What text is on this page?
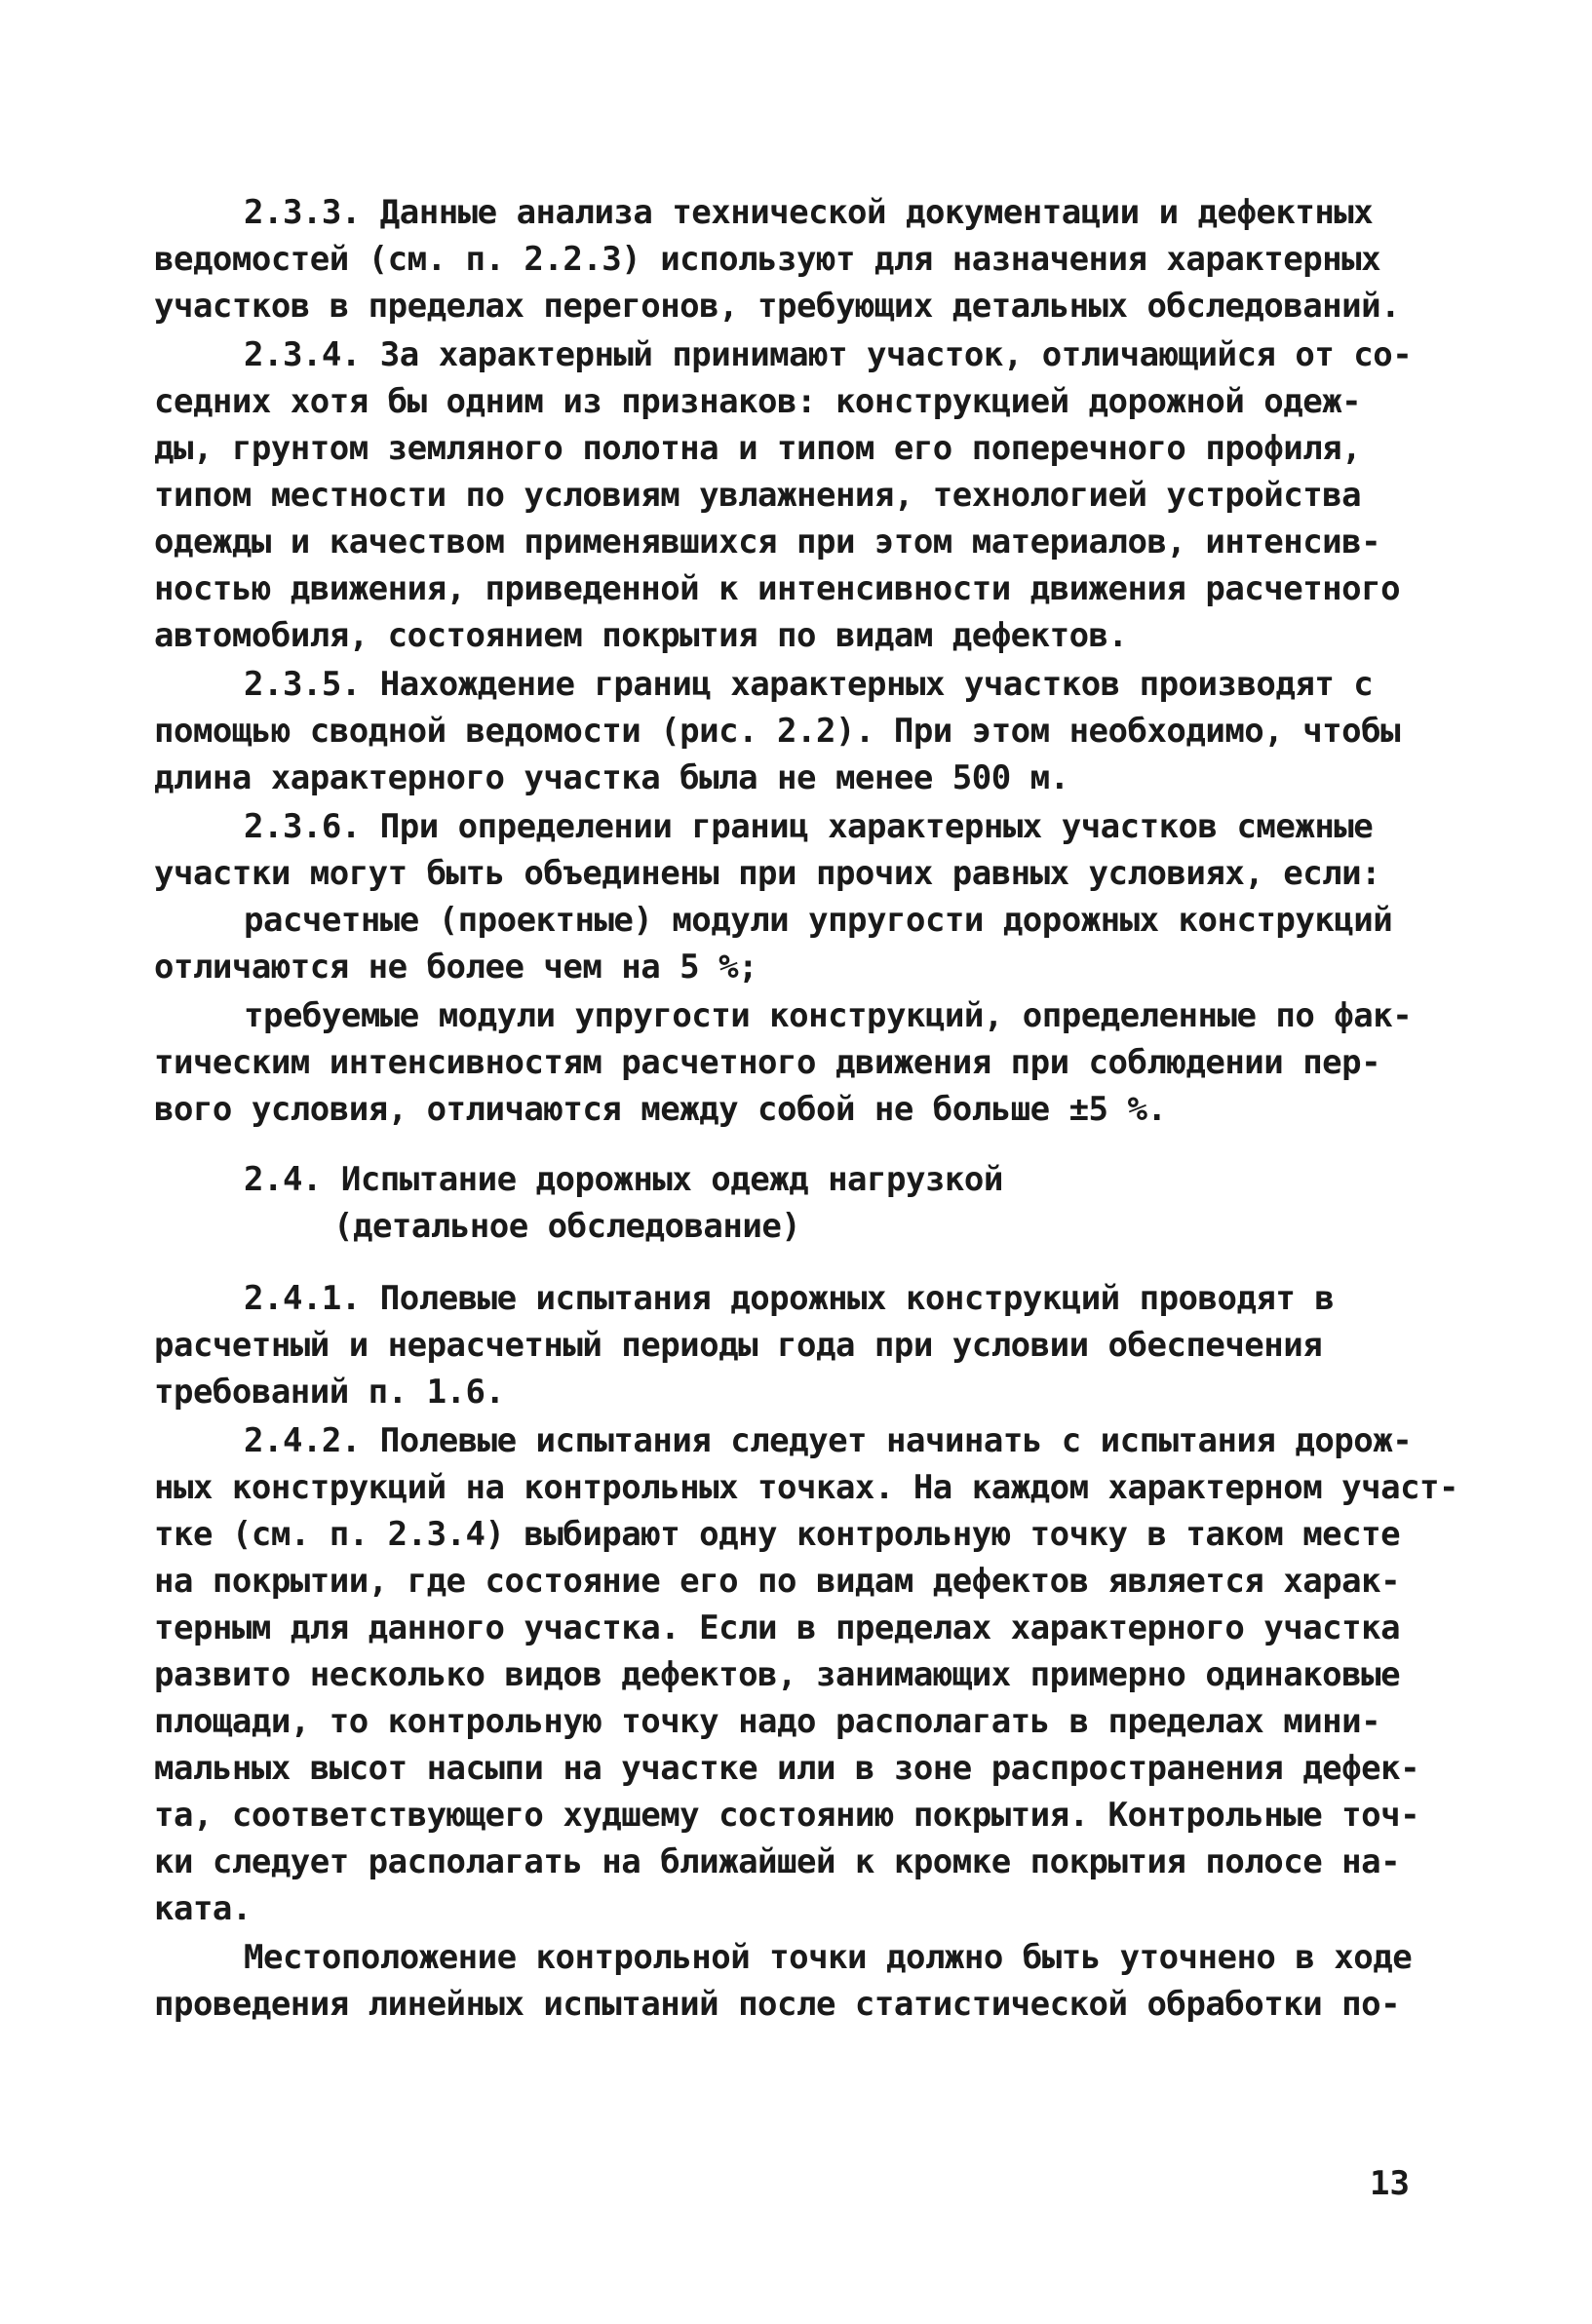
2.3.3. Данные анализа технической документации и дефектных
ведомостей (см. п. 2.2.3) используют для назначения характерных
участков в пределах перегонов, требующих детальных обследований.
2.3.4. За характерный принимают участок, отличающийся от со-
седних хотя бы одним из признаков: конструкцией дорожной одеж-
ды, грунтом земляного полотна и типом его поперечного профиля,
типом местности по условиям увлажнения, технологией устройства
одежды и качеством применявшихся при этом материалов, интенсив-
ностью движения, приведенной к интенсивности движения расчетного
автомобиля, состоянием покрытия по видам дефектов.
2.3.5. Нахождение границ характерных участков производят с
помощью сводной ведомости (рис. 2.2). При этом необходимо, чтобы
длина характерного участка была не менее 500 м.
2.3.6. При определении границ характерных участков смежные
участки могут быть объединены при прочих равных условиях, если:
расчетные (проектные) модули упругости дорожных конструкций
отличаются не более чем на 5 %;
требуемые модули упругости конструкций, определенные по фак-
тическим интенсивностям расчетного движения при соблюдении пер-
вого условия, отличаются между собой не больше ±5 %.
2.4. Испытание дорожных одежд нагрузкой
(детальное обследование)
2.4.1. Полевые испытания дорожных конструкций проводят в
расчетный и нерасчетный периоды года при условии обеспечения
требований п. 1.6.
2.4.2. Полевые испытания следует начинать с испытания дорож-
ных конструкций на контрольных точках. На каждом характерном участ-
тке (см. п. 2.3.4) выбирают одну контрольную точку в таком месте
на покрытии, где состояние его по видам дефектов является харак-
терным для данного участка. Если в пределах характерного участка
развито несколько видов дефектов, занимающих примерно одинаковые
площади, то контрольную точку надо располагать в пределах мини-
мальных высот насыпи на участке или в зоне распространения дефек-
та, соответствующего худшему состоянию покрытия. Контрольные точ-
ки следует располагать на ближайшей к кромке покрытия полосе на-
ката.
Местоположение контрольной точки должно быть уточнено в ходе
проведения линейных испытаний после статистической обработки по-
13
